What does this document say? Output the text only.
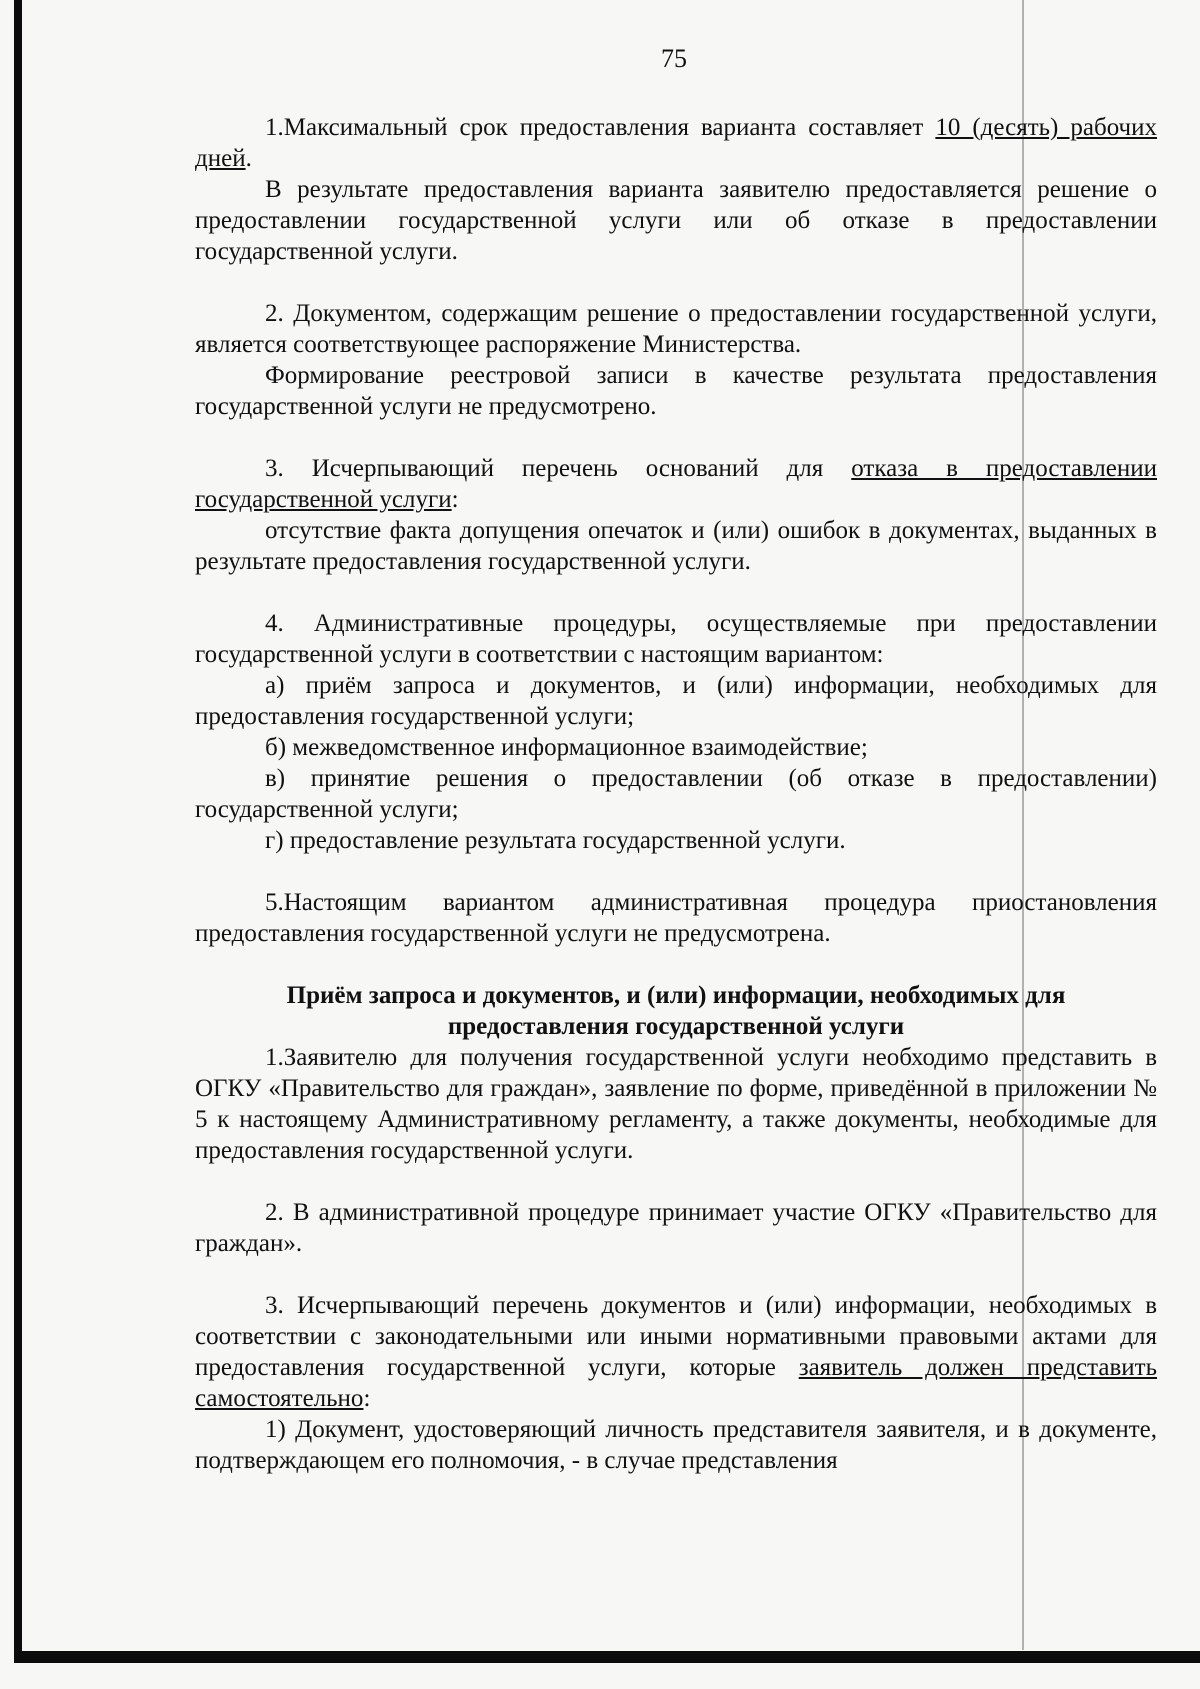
75

1.Максимальный срок предоставления варианта составляет 10 (десять) рабочих дней.

В результате предоставления варианта заявителю предоставляется решение о предоставлении государственной услуги или об отказе в предоставлении государственной услуги.

2. Документом, содержащим решение о предоставлении государственной услуги, является соответствующее распоряжение Министерства.

Формирование реестровой записи в качестве результата предоставления государственной услуги не предусмотрено.

3. Исчерпывающий перечень оснований для отказа в предоставлении государственной услуги:

отсутствие факта допущения опечаток и (или) ошибок в документах, выданных в результате предоставления государственной услуги.

4. Административные процедуры, осуществляемые при предоставлении государственной услуги в соответствии с настоящим вариантом:

а) приём запроса и документов, и (или) информации, необходимых для предоставления государственной услуги;

б) межведомственное информационное взаимодействие;

в) принятие решения о предоставлении (об отказе в предоставлении) государственной услуги;

г) предоставление результата государственной услуги.

5.Настоящим вариантом административная процедура приостановления предоставления государственной услуги не предусмотрена.

Приём запроса и документов, и (или) информации, необходимых для предоставления государственной услуги

1.Заявителю для получения государственной услуги необходимо представить в ОГКУ «Правительство для граждан», заявление по форме, приведённой в приложении № 5 к настоящему Административному регламенту, а также документы, необходимые для предоставления государственной услуги.

2. В административной процедуре принимает участие ОГКУ «Правительство для граждан».

3. Исчерпывающий перечень документов и (или) информации, необходимых в соответствии с законодательными или иными нормативными правовыми актами для предоставления государственной услуги, которые заявитель должен представить самостоятельно:

1) Документ, удостоверяющий личность представителя заявителя, и в документе, подтверждающем его полномочия, - в случае представления
